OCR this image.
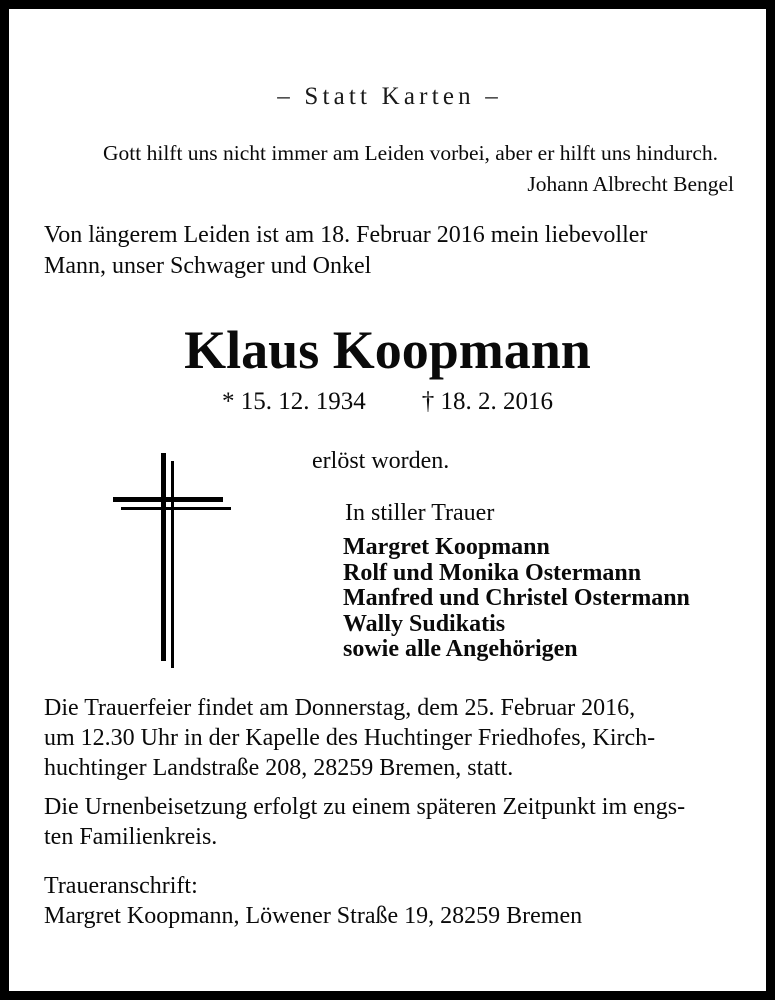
– Statt Karten –
Gott hilft uns nicht immer am Leiden vorbei, aber er hilft uns hindurch.
Johann Albrecht Bengel
Von längerem Leiden ist am 18. Februar 2016 mein liebevoller
Mann, unser Schwager und Onkel
Klaus Koopmann
* 15. 12. 1934 † 18. 2. 2016
erlöst worden.
In stiller Trauer
Margret Koopmann
Rolf und Monika Ostermann
Manfred und Christel Ostermann
Wally Sudikatis
sowie alle Angehörigen
Die Trauerfeier findet am Donnerstag, dem 25. Februar 2016,
um 12.30 Uhr in der Kapelle des Huchtinger Friedhofes, Kirch-
huchtinger Landstraße 208, 28259 Bremen, statt.
Die Urnenbeisetzung erfolgt zu einem späteren Zeitpunkt im engs-
ten Familienkreis.
Traueranschrift:
Margret Koopmann, Löwener Straße 19, 28259 Bremen
